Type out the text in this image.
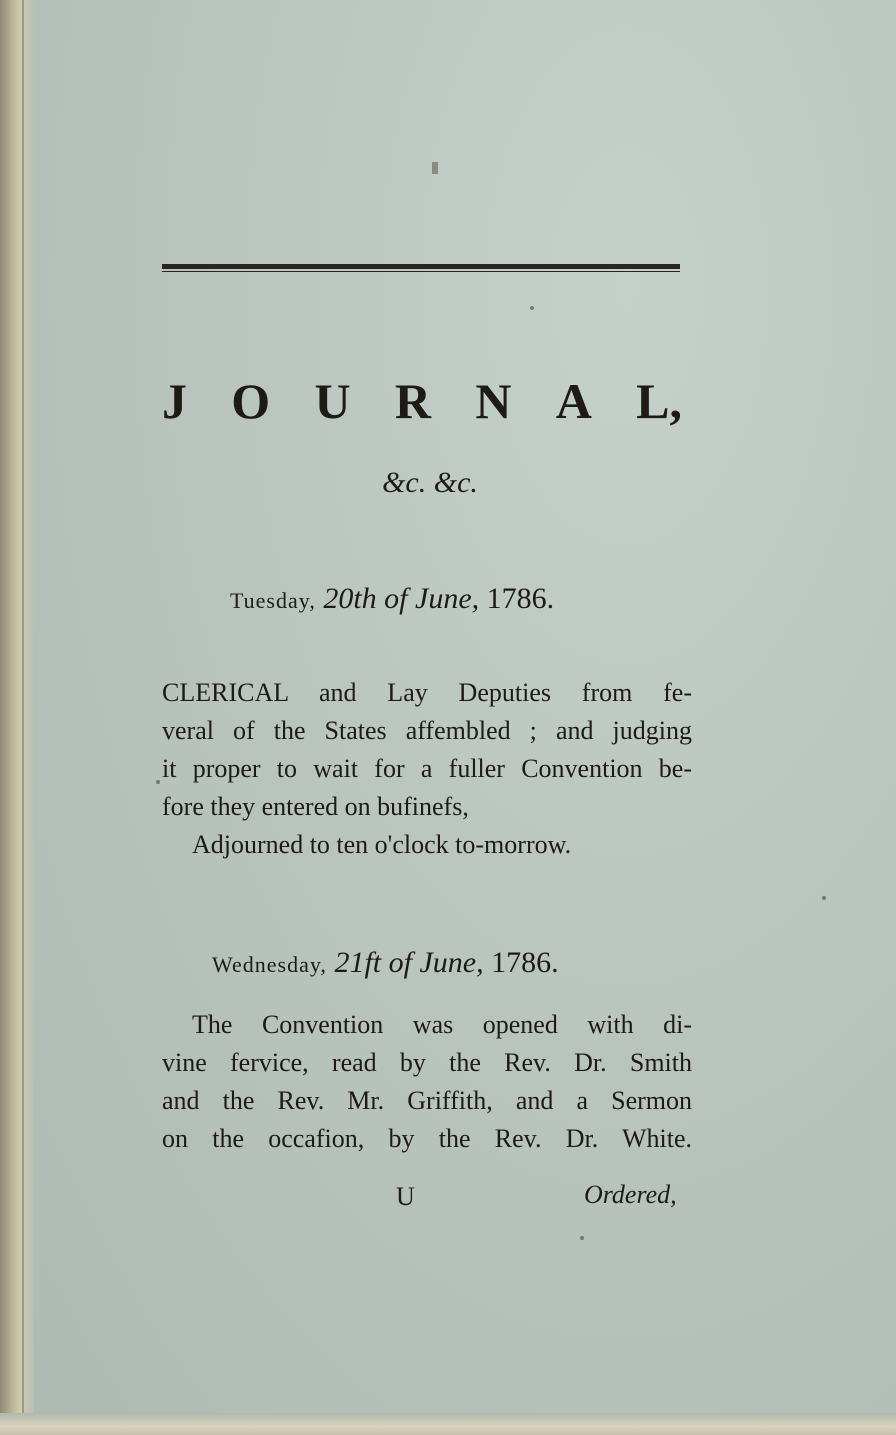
J O U R N A L,
&c. &c.
Tuesday, 20th of June, 1786.
CLERICAL and Lay Deputies from fe-
veral of the States affembled ; and judging
it proper to wait for a fuller Convention be-
fore they entered on bufinefs,
Adjourned to ten o'clock to-morrow.
Wednesday, 21ft of June, 1786.
The Convention was opened with di-
vine fervice, read by the Rev. Dr. Smith
and the Rev. Mr. Griffith, and a Sermon
on the occafion, by the Rev. Dr. White.
U	Ordered,
